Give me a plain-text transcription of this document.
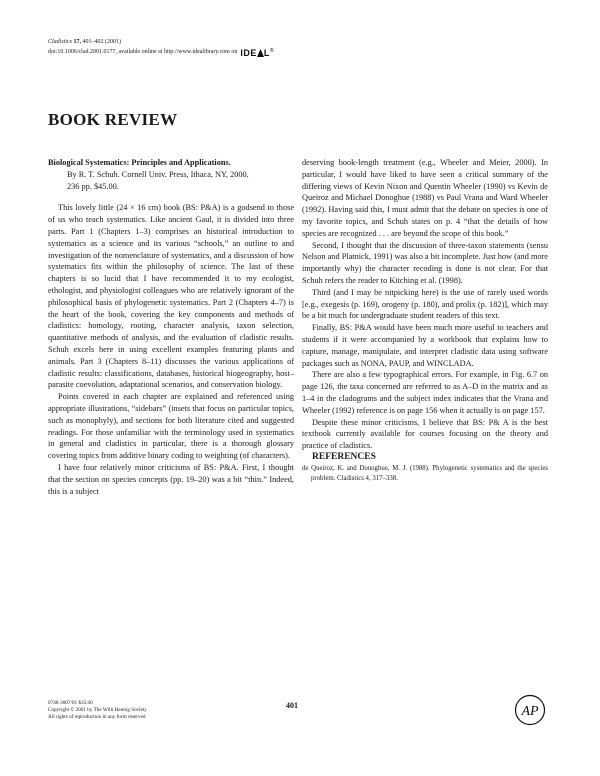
Cladistics 17, 401–402 (2001)
doi:10.1006/clad.2001.0177, available online at http://www.idealibrary.com on IDE L®
BOOK REVIEW

Biological Systematics: Principles and Applications.

By R. T. Schuh. Cornell Univ. Press, Ithaca, NY, 2000.

236 pp. $45.00.

This lovely little (24 × 16 cm) book (BS: P&A) is a godsend to those of us who teach systematics. Like ancient Gaul, it is divided into three parts. Part 1 (Chapters 1–3) comprises an historical introduction to systematics as a science and its various “schools,” an outline to and investigation of the nomenclature of systematics, and a discussion of how systematics fits within the philosophy of science. The last of these chapters is so lucid that I have recommended it to my ecologist, ethologist, and physiologist colleagues who are relatively ignorant of the philosophical basis of phylogenetic systematics. Part 2 (Chapters 4–7) is the heart of the book, covering the key components and methods of cladistics: homology, rooting, character analysis, taxon selection, quantitative methods of analysis, and the evaluation of cladistic results. Schuh excels here in using excellent examples featuring plants and animals. Part 3 (Chapters 8–11) discusses the various applications of cladistic results: classifications, databases, historical biogeography, host–parasite coevolution, adaptational scenarios, and conservation biology.

Points covered in each chapter are explained and referenced using appropriate illustrations, “sidebars” (insets that focus on particular topics, such as monophyly), and sections for both literature cited and suggested readings. For those unfamiliar with the terminology used in systematics in general and cladistics in particular, there is a thorough glossary covering topics from additive binary coding to weighting (of characters).

I have four relatively minor criticisms of BS: P&A. First, I thought that the section on species concepts (pp. 19–20) was a bit “thin.” Indeed, this is a subject

deserving book-length treatment (e.g., Wheeler and Meier, 2000). In particular, I would have liked to have seen a critical summary of the differing views of Kevin Nixon and Quentin Wheeler (1990) vs Kevin de Queiroz and Michael Donoghue (1988) vs Paul Vrana and Ward Wheeler (1992). Having said this, I must admit that the debate on species is one of my favorite topics, and Schuh states on p. 4 “that the details of how species are recognized . . . are beyond the scope of this book.”

Second, I thought that the discussion of three-taxon statements (sensu Nelson and Platnick, 1991) was also a bit incomplete. Just how (and more importantly why) the character recoding is done is not clear. For that Schuh refers the reader to Kitching et al. (1998).

Third (and I may be nitpicking here) is the use of rarely used words [e.g., exegesis (p. 169), orogeny (p. 180), and prolix (p. 182)], which may be a bit much for undergraduate student readers of this text.

Finally, BS: P&A would have been much more useful to teachers and students if it were accompanied by a workbook that explains how to capture, manage, manipulate, and interpret cladistic data using software packages such as NONA, PAUP, and WINCLADA.

There are also a few typographical errors. For example, in Fig. 6.7 on page 126, the taxa concerned are referred to as A–D in the matrix and as 1–4 in the cladograms and the subject index indicates that the Vrana and Wheeler (1992) reference is on page 156 when it actually is on page 157.

Despite these minor criticisms, I believe that BS: P& A is the best textbook currently available for courses focusing on the theory and practice of cladistics.

REFERENCES

de Queiroz, K. and Donoghue, M. J. (1988). Phylogenetic systematics and the species problem. Cladistics 4, 317–338.

0748-3007/01 $35.00
Copyright © 2001 by The Willi Hennig Society
All rights of reproduction in any form reserved
401	AP
